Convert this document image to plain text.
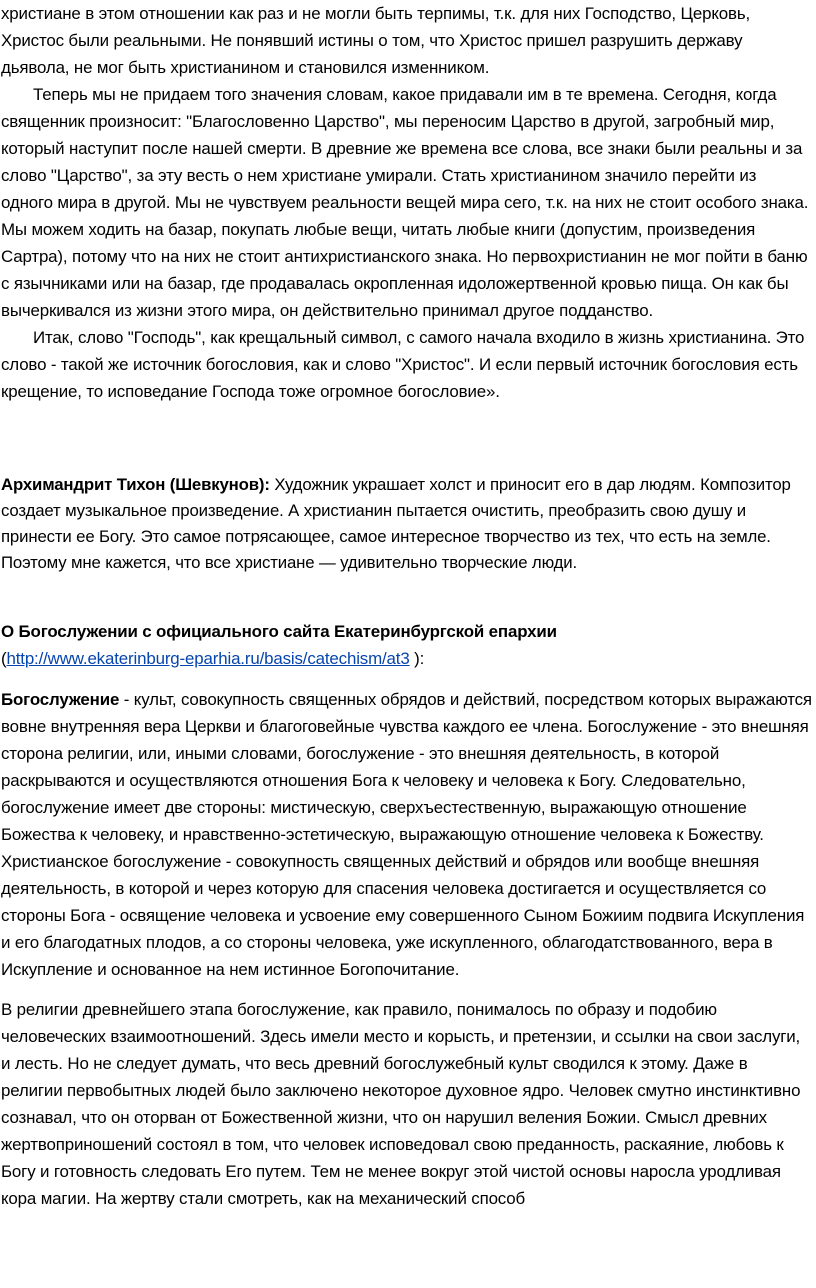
христиане в этом отношении как раз и не могли быть терпимы, т.к. для них Господство, Церковь, Христос были реальными. Не понявший истины о том, что Христос пришел разрушить державу дьявола, не мог быть христианином и становился изменником.

Теперь мы не придаем того значения словам, какое придавали им в те времена. Сегодня, когда священник произносит: "Благословенно Царство", мы переносим Царство в другой, загробный мир, который наступит после нашей смерти. В древние же времена все слова, все знаки были реальны и за слово "Царство", за эту весть о нем христиане умирали. Стать христианином значило перейти из одного мира в другой. Мы не чувствуем реальности вещей мира сего, т.к. на них не стоит особого знака. Мы можем ходить на базар, покупать любые вещи, читать любые книги (допустим, произведения Сартра), потому что на них не стоит антихристианского знака. Но первохристианин не мог пойти в баню с язычниками или на базар, где продавалась окропленная идоложертвенной кровью пища. Он как бы вычеркивался из жизни этого мира, он действительно принимал другое подданство.

Итак, слово "Господь", как крещальный символ, с самого начала входило в жизнь христианина. Это слово - такой же источник богословия, как и слово "Христос". И если первый источник богословия есть крещение, то исповедание Господа тоже огромное богословие».

Архимандрит Тихон (Шевкунов): Художник украшает холст и приносит его в дар людям. Композитор создает музыкальное произведение. А христианин пытается очистить, преобразить свою душу и принести ее Богу. Это самое потрясающее, самое интересное творчество из тех, что есть на земле. Поэтому мне кажется, что все христиане — удивительно творческие люди.

О Богослужении с официального сайта Екатеринбургской епархии

(http://www.ekaterinburg-eparhia.ru/basis/catechism/at3 ):

Богослужение - культ, совокупность священных обрядов и действий, посредством которых выражаются вовне внутренняя вера Церкви и благоговейные чувства каждого ее члена. Богослужение - это внешняя сторона религии, или, иными словами, богослужение - это внешняя деятельность, в которой раскрываются и осуществляются отношения Бога к человеку и человека к Богу. Следовательно, богослужение имеет две стороны: мистическую, сверхъестественную, выражающую отношение Божества к человеку, и нравственно-эстетическую, выражающую отношение человека к Божеству. Христианское богослужение - совокупность священных действий и обрядов или вообще внешняя деятельность, в которой и через которую для спасения человека достигается и осуществляется со стороны Бога - освящение человека и усвоение ему совершенного Сыном Божиим подвига Искупления и его благодатных плодов, а со стороны человека, уже искупленного, облагодатствованного, вера в Искупление и основанное на нем истинное Богопочитание.

В религии древнейшего этапа богослужение, как правило, понималось по образу и подобию человеческих взаимоотношений. Здесь имели место и корысть, и претензии, и ссылки на свои заслуги, и лесть. Но не следует думать, что весь древний богослужебный культ сводился к этому. Даже в религии первобытных людей было заключено некоторое духовное ядро. Человек смутно инстинктивно сознавал, что он оторван от Божественной жизни, что он нарушил веления Божии. Смысл древних жертвоприношений состоял в том, что человек исповедовал свою преданность, раскаяние, любовь к Богу и готовность следовать Его путем. Тем не менее вокруг этой чистой основы наросла уродливая кора магии. На жертву стали смотреть, как на механический способ
